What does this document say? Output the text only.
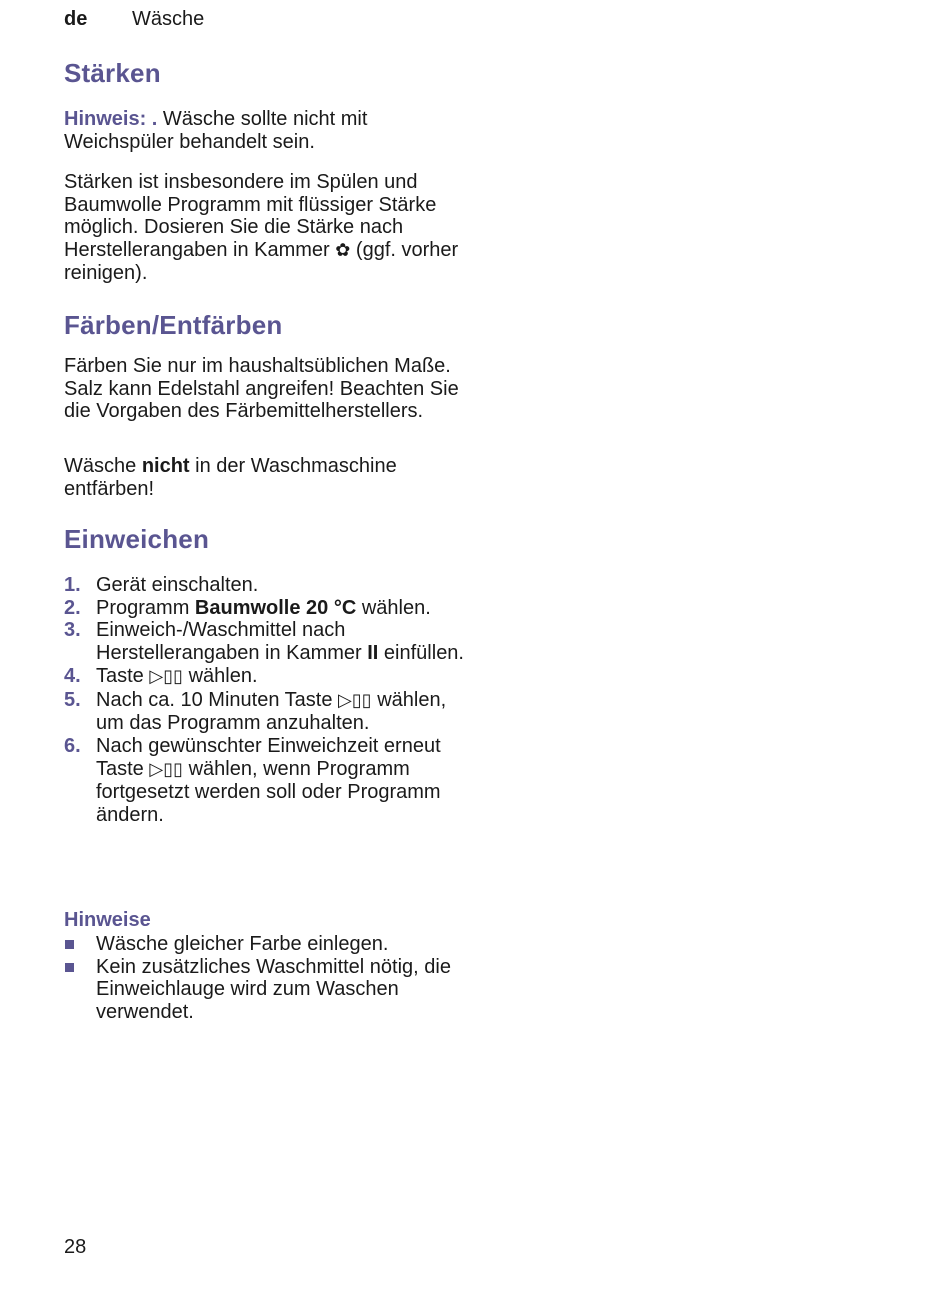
de Wäsche
Stärken

Hinweis: . Wäsche sollte nicht mit Weichspüler behandelt sein.

Stärken ist insbesondere im Spülen und Baumwolle Programm mit flüssiger Stärke möglich. Dosieren Sie die Stärke nach Herstellerangaben in Kammer ✿ (ggf. vorher reinigen).

Färben/Entfärben

Färben Sie nur im haushaltsüblichen Maße. Salz kann Edelstahl angreifen! Beachten Sie die Vorgaben des Färbemittelherstellers.

Wäsche nicht in der Waschmaschine entfärben!

Einweichen
1. Gerät einschalten.
2. Programm Baumwolle 20 °C wählen.
3. Einweich-/Waschmittel nach Herstellerangaben in Kammer II einfüllen.
4. Taste ▷▯▯ wählen.
5. Nach ca. 10 Minuten Taste ▷▯▯ wählen, um das Programm anzuhalten.
6. Nach gewünschter Einweichzeit erneut Taste ▷▯▯ wählen, wenn Programm fortgesetzt werden soll oder Programm ändern.
Hinweise
Wäsche gleicher Farbe einlegen.
Kein zusätzliches Waschmittel nötig, die Einweichlauge wird zum Waschen verwendet.
28
